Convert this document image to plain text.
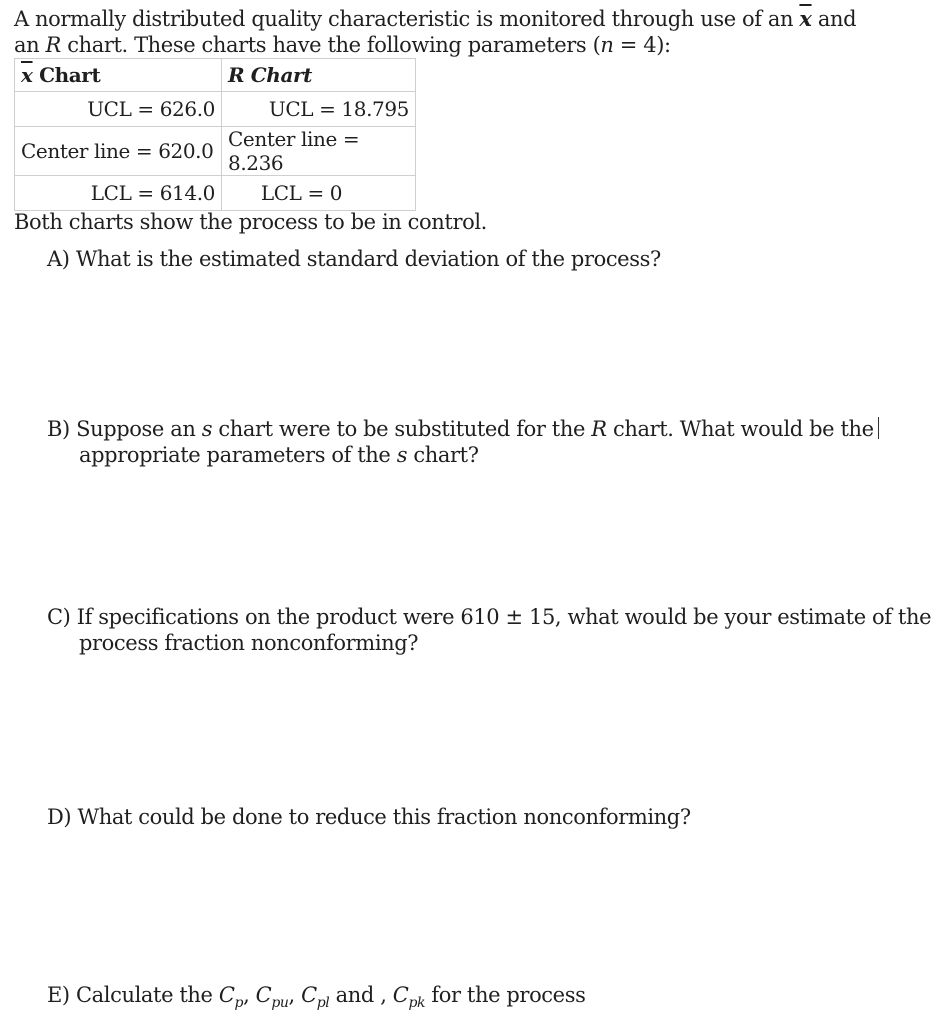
A normally distributed quality characteristic is monitored through use of an $\overline{x}$ and
an R chart. These charts have the following parameters (n = 4):
$\overline{x}$ Chart	R Chart
UCL = 626.0	UCL = 18.795
Center line = 620.0	Center line = 8.236
LCL = 614.0	LCL = 0
Both charts show the process to be in control.
A) What is the estimated standard deviation of the process?
B) Suppose an s chart were to be substituted for the R chart. What would be the
appropriate parameters of the s chart?
C) If specifications on the product were 610 ± 15, what would be your estimate of the
process fraction nonconforming?
D) What could be done to reduce this fraction nonconforming?
E) Calculate the $C_p$, $C_{pu}$, $C_{pl}$ and , $C_{pk}$ for the process
